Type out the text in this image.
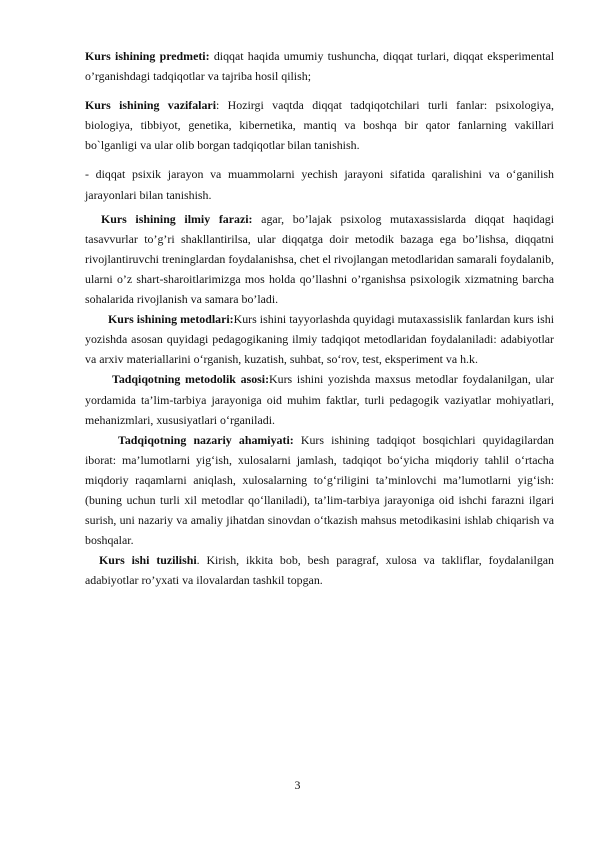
Kurs ishining predmeti: diqqat haqida umumiy tushuncha, diqqat turlari, diqqat eksperimental o’rganishdagi tadqiqotlar va tajriba hosil qilish;

Kurs ishining vazifalari: Hozirgi vaqtda diqqat tadqiqotchilari turli fanlar: psixologiya, biologiya, tibbiyot, genetika, kibernetika, mantiq va boshqa bir qator fanlarning vakillari bo`lganligi va ular olib borgan tadqiqotlar bilan tanishish.

- diqqat psixik jarayon va muammolarni yechish jarayoni sifatida qaralishini va o‘ganilish jarayonlari bilan tanishish.

Kurs ishining ilmiy farazi: agar, bo’lajak psixolog mutaxassislarda diqqat haqidagi tasavvurlar to’g’ri shakllantirilsa, ular diqqatga doir metodik bazaga ega bo’lishsa, diqqatni rivojlantiruvchi treninglardan foydalanishsa, chet el rivojlangan metodlaridan samarali foydalanib, ularni o’z shart-sharoitlarimizga mos holda qo’llashni o’rganishsa psixologik xizmatning barcha sohalarida rivojlanish va samara bo’ladi.

Kurs ishining metodlari:Kurs ishini tayyorlashda quyidagi mutaxassislik fanlardan kurs ishi yozishda asosan quyidagi pedagogikaning ilmiy tadqiqot metodlaridan foydalaniladi: adabiyotlar va arxiv materiallarini o‘rganish, kuzatish, suhbat, so‘rov, test, eksperiment va h.k.

Tadqiqotning metodolik asosi:Kurs ishini yozishda maxsus metodlar foydalanilgan, ular yordamida ta’lim-tarbiya jarayoniga oid muhim faktlar, turli pedagogik vaziyatlar mohiyatlari, mehanizmlari, xususiyatlari o‘rganiladi.

Tadqiqotning nazariy ahamiyati: Kurs ishining tadqiqot bosqichlari quyidagilardan iborat: ma’lumotlarni yig‘ish, xulosalarni jamlash, tadqiqot bo‘yicha miqdoriy tahlil o‘rtacha miqdoriy raqamlarni aniqlash, xulosalarning to‘g‘riligini ta’minlovchi ma’lumotlarni yig‘ish: (buning uchun turli xil metodlar qo‘llaniladi), ta’lim-tarbiya jarayoniga oid ishchi farazni ilgari surish, uni nazariy va amaliy jihatdan sinovdan o‘tkazish mahsus metodikasini ishlab chiqarish va boshqalar.

Kurs ishi tuzilishi. Kirish, ikkita bob, besh paragraf, xulosa va takliflar, foydalanilgan adabiyotlar ro’yxati va ilovalardan tashkil topgan.

3
